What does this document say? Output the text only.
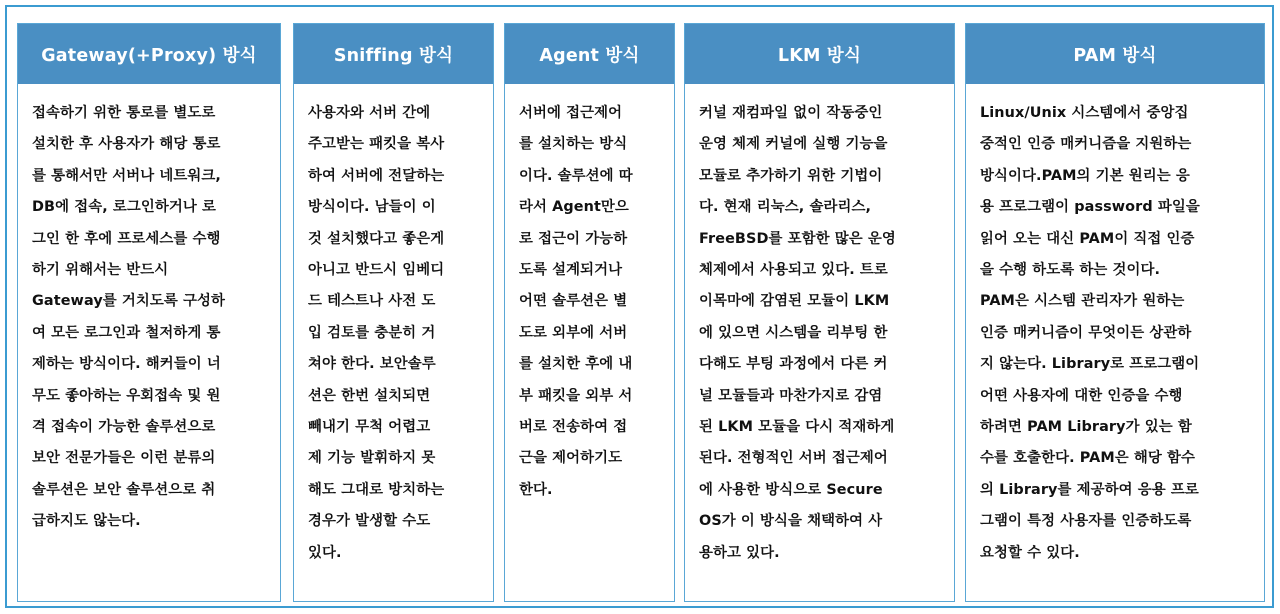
Gateway(+Proxy) 방식
접속하기 위한 통로를 별도로
설치한 후 사용자가 해당 통로
를 통해서만 서버나 네트워크,
DB에 접속, 로그인하거나 로
그인 한 후에 프로세스를 수행
하기 위해서는 반드시
Gateway를 거치도록 구성하
여 모든 로그인과 철저하게 통
제하는 방식이다. 해커들이 너
무도 좋아하는 우회접속 및 원
격 접속이 가능한 솔루션으로
보안 전문가들은 이런 분류의
솔루션은 보안 솔루션으로 취
급하지도 않는다.
Sniffing 방식
사용자와 서버 간에
주고받는 패킷을 복사
하여 서버에 전달하는
방식이다. 남들이 이
것 설치했다고 좋은게
아니고 반드시 임베디
드 테스트나 사전 도
입 검토를 충분히 거
쳐야 한다. 보안솔루
션은 한번 설치되면
빼내기 무척 어렵고
제 기능 발휘하지 못
해도 그대로 방치하는
경우가 발생할 수도
있다.
Agent 방식
서버에 접근제어
를 설치하는 방식
이다. 솔루션에 따
라서 Agent만으
로 접근이 가능하
도록 설계되거나
어떤 솔루션은 별
도로 외부에 서버
를 설치한 후에 내
부 패킷을 외부 서
버로 전송하여 접
근을 제어하기도
한다.
LKM 방식
커널 재컴파일 없이 작동중인
운영 체제 커널에 실행 기능을
모듈로 추가하기 위한 기법이
다. 현재 리눅스, 솔라리스,
FreeBSD를 포함한 많은 운영
체제에서 사용되고 있다. 트로
이목마에 감염된 모듈이 LKM
에 있으면 시스템을 리부팅 한
다해도 부팅 과정에서 다른 커
널 모듈들과 마찬가지로 감염
된 LKM 모듈을 다시 적재하게
된다. 전형적인 서버 접근제어
에 사용한 방식으로 Secure
OS가 이 방식을 채택하여 사
용하고 있다.
PAM 방식
Linux/Unix 시스템에서 중앙집
중적인 인증 매커니즘을 지원하는
방식이다.PAM의 기본 원리는 응
용 프로그램이 password 파일을
읽어 오는 대신 PAM이 직접 인증
을 수행 하도록 하는 것이다.
PAM은 시스템 관리자가 원하는
인증 매커니즘이 무엇이든 상관하
지 않는다. Library로 프로그램이
어떤 사용자에 대한 인증을 수행
하려면 PAM Library가 있는 함
수를 호출한다. PAM은 해당 함수
의 Library를 제공하여 응용 프로
그램이 특정 사용자를 인증하도록
요청할 수 있다.
